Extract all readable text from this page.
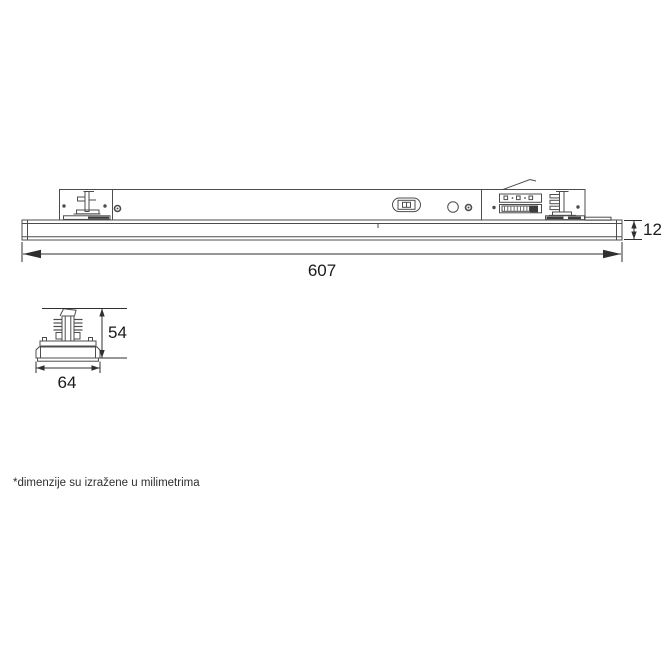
607
12
54
64
*dimenzije su izražene u milimetrima
